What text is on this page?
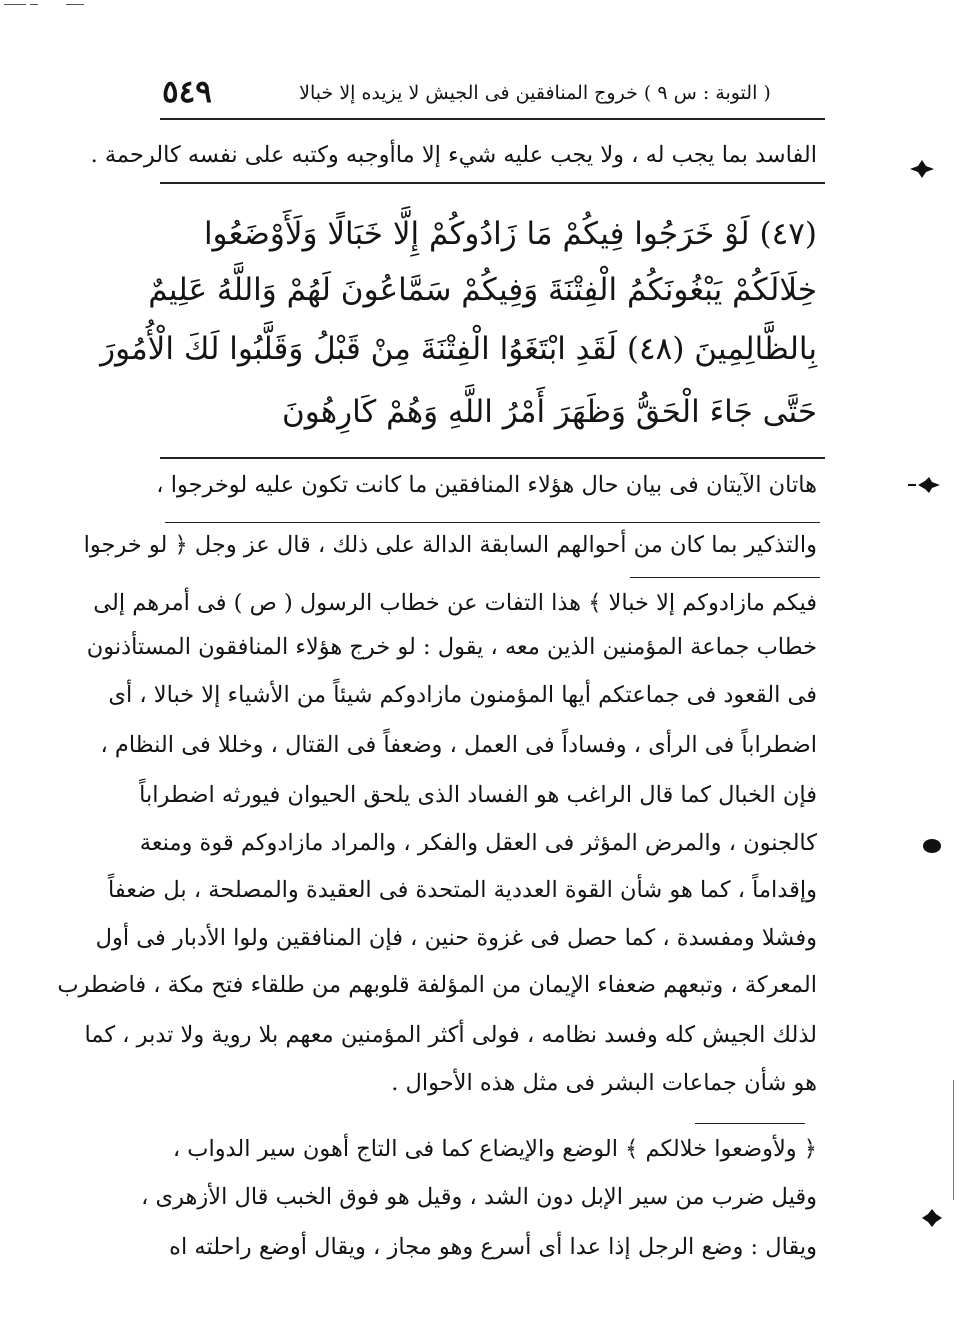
( التوبة : س ٩ ) خروج المنافقين فى الجيش لا يزيده إلا خبالا
٥٤٩
الفاسد بما يجب له ، ولا يجب عليه شيء إلا ماأوجبه وكتبه على نفسه كالرحمة .
(٤٧) لَوْ خَرَجُوا فِيكُمْ مَا زَادُوكُمْ إِلَّا خَبَالًا وَلَأَوْضَعُوا
خِلَالَكُمْ يَبْغُونَكُمُ الْفِتْنَةَ وَفِيكُمْ سَمَّاعُونَ لَهُمْ وَاللَّهُ عَلِيمٌ
بِالظَّالِمِينَ (٤٨) لَقَدِ ابْتَغَوُا الْفِتْنَةَ مِنْ قَبْلُ وَقَلَّبُوا لَكَ الْأُمُورَ
حَتَّى جَاءَ الْحَقُّ وَظَهَرَ أَمْرُ اللَّهِ وَهُمْ كَارِهُونَ
هاتان الآيتان فى بيان حال هؤلاء المنافقين ما كانت تكون عليه لوخرجوا ،
والتذكير بما كان من أحوالهم السابقة الدالة على ذلك ، قال عز وجل ﴿ لو خرجوا
فيكم مازادوكم إلا خبالا ﴾ هذا التفات عن خطاب الرسول ( ص ) فى أمرهم إلى
خطاب جماعة المؤمنين الذين معه ، يقول : لو خرج هؤلاء المنافقون المستأذنون
فى القعود فى جماعتكم أيها المؤمنون مازادوكم شيئاً من الأشياء إلا خبالا ، أى
اضطراباً فى الرأى ، وفساداً فى العمل ، وضعفاً فى القتال ، وخللا فى النظام ،
فإن الخبال كما قال الراغب هو الفساد الذى يلحق الحيوان فيورثه اضطراباً
كالجنون ، والمرض المؤثر فى العقل والفكر ، والمراد مازادوكم قوة ومنعة
وإقداماً ، كما هو شأن القوة العددية المتحدة فى العقيدة والمصلحة ، بل ضعفاً
وفشلا ومفسدة ، كما حصل فى غزوة حنين ، فإن المنافقين ولوا الأدبار فى أول
المعركة ، وتبعهم ضعفاء الإيمان من المؤلفة قلوبهم من طلقاء فتح مكة ، فاضطرب
لذلك الجيش كله وفسد نظامه ، فولى أكثر المؤمنين معهم بلا روية ولا تدبر ، كما
هو شأن جماعات البشر فى مثل هذه الأحوال .
﴿ ولأوضعوا خلالكم ﴾ الوضع والإيضاع كما فى التاج أهون سير الدواب ،
وقيل ضرب من سير الإبل دون الشد ، وقيل هو فوق الخبب قال الأزهرى ،
ويقال : وضع الرجل إذا عدا أى أسرع وهو مجاز ، ويقال أوضع راحلته اه
